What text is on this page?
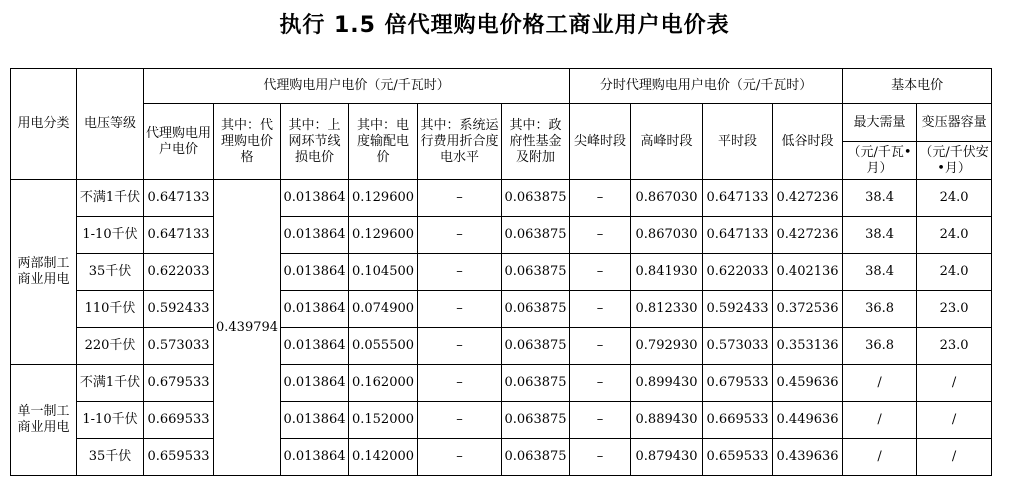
执行 1.5 倍代理购电价格工商业用户电价表
用电分类	电压等级	代理购电用户电价（元/千瓦时）						分时代理购电用户电价（元/千瓦时）				基本电价	
		代理购电用户电价	其中：代理购电价格	其中：上网环节线损电价	其中：电度输配电价	其中：系统运行费用折合度电水平	其中：政府性基金及附加	尖峰时段	高峰时段	平时段	低谷时段	最大需量	变压器容量
												（元/千瓦•月）	（元/千伏安•月）
两部制工商业用电	不满1千伏	0.647133	0.439794	0.013864	0.129600	–	0.063875	–	0.867030	0.647133	0.427236	38.4	24.0
	1-10千伏	0.647133		0.013864	0.129600	–	0.063875	–	0.867030	0.647133	0.427236	38.4	24.0
	35千伏	0.622033		0.013864	0.104500	–	0.063875	–	0.841930	0.622033	0.402136	38.4	24.0
	110千伏	0.592433		0.013864	0.074900	–	0.063875	–	0.812330	0.592433	0.372536	36.8	23.0
	220千伏	0.573033		0.013864	0.055500	–	0.063875	–	0.792930	0.573033	0.353136	36.8	23.0
单一制工商业用电	不满1千伏	0.679533		0.013864	0.162000	–	0.063875	–	0.899430	0.679533	0.459636	/	/
	1-10千伏	0.669533		0.013864	0.152000	–	0.063875	–	0.889430	0.669533	0.449636	/	/
	35千伏	0.659533		0.013864	0.142000	–	0.063875	–	0.879430	0.659533	0.439636	/	/
